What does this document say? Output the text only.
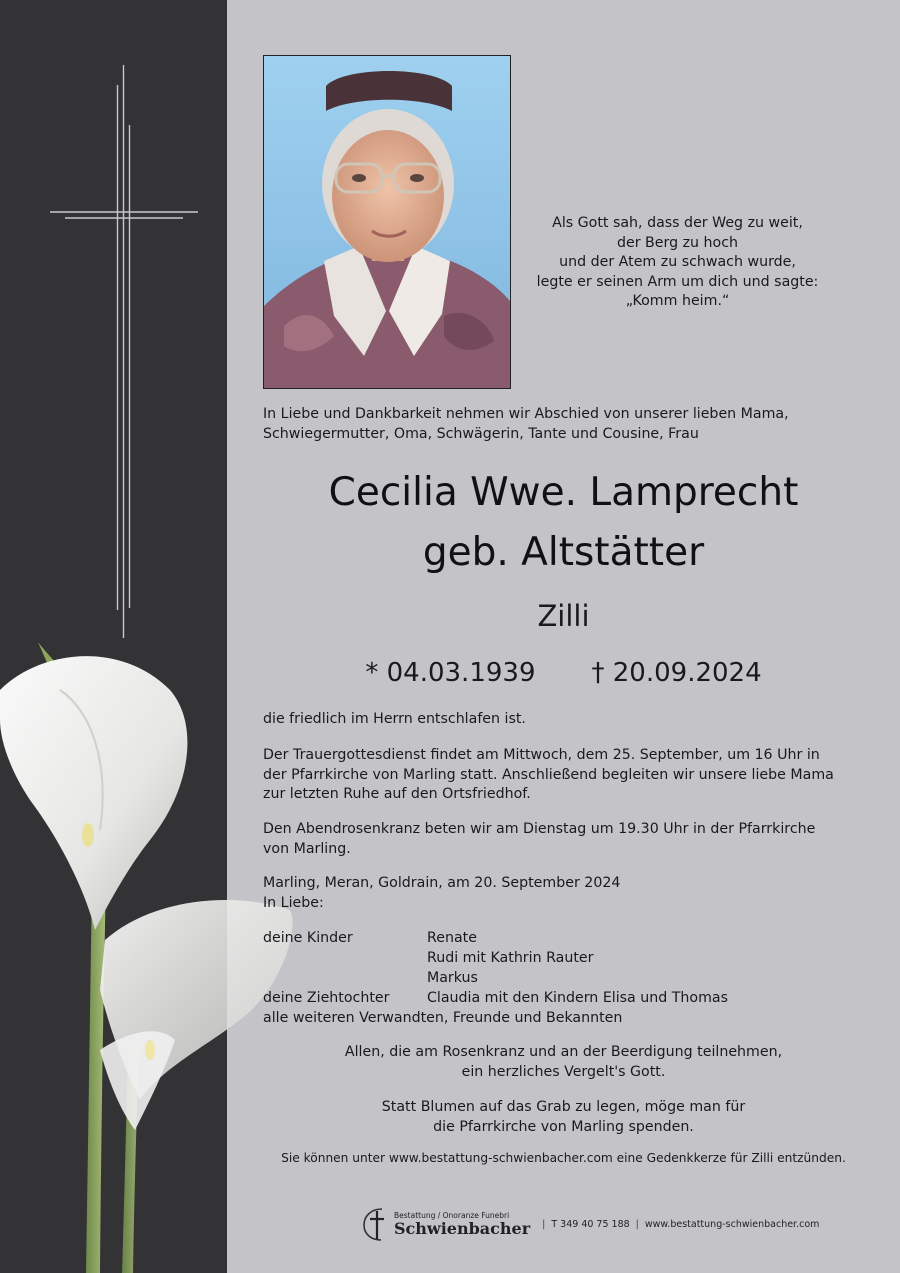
Als Gott sah, dass der Weg zu weit,
der Berg zu hoch
und der Atem zu schwach wurde,
legte er seinen Arm um dich und sagte:
„Komm heim.“
In Liebe und Dankbarkeit nehmen wir Abschied von unserer lieben Mama,
Schwiegermutter, Oma, Schwägerin, Tante und Cousine, Frau
Cecilia Wwe. Lamprecht
geb. Altstätter
Zilli
* 04.03.1939 † 20.09.2024
die friedlich im Herrn entschlafen ist.
Der Trauergottesdienst findet am Mittwoch, dem 25. September, um 16 Uhr in
der Pfarrkirche von Marling statt. Anschließend begleiten wir unsere liebe Mama
zur letzten Ruhe auf den Ortsfriedhof.
Den Abendrosenkranz beten wir am Dienstag um 19.30 Uhr in der Pfarrkirche
von Marling.
Marling, Meran, Goldrain, am 20. September 2024
In Liebe:
deine Kinder	Renate
Rudi mit Kathrin Rauter
Markus
deine Ziehtochter	Claudia mit den Kindern Elisa und Thomas
alle weiteren Verwandten, Freunde und Bekannten
Allen, die am Rosenkranz und an der Beerdigung teilnehmen,
ein herzliches Vergelt's Gott.
Statt Blumen auf das Grab zu legen, möge man für
die Pfarrkirche von Marling spenden.
Sie können unter www.bestattung-schwienbacher.com eine Gedenkkerze für Zilli entzünden.
Bestattung / Onoranze Funebri
Schwienbacher | T 349 40 75 188 | www.bestattung-schwienbacher.com
